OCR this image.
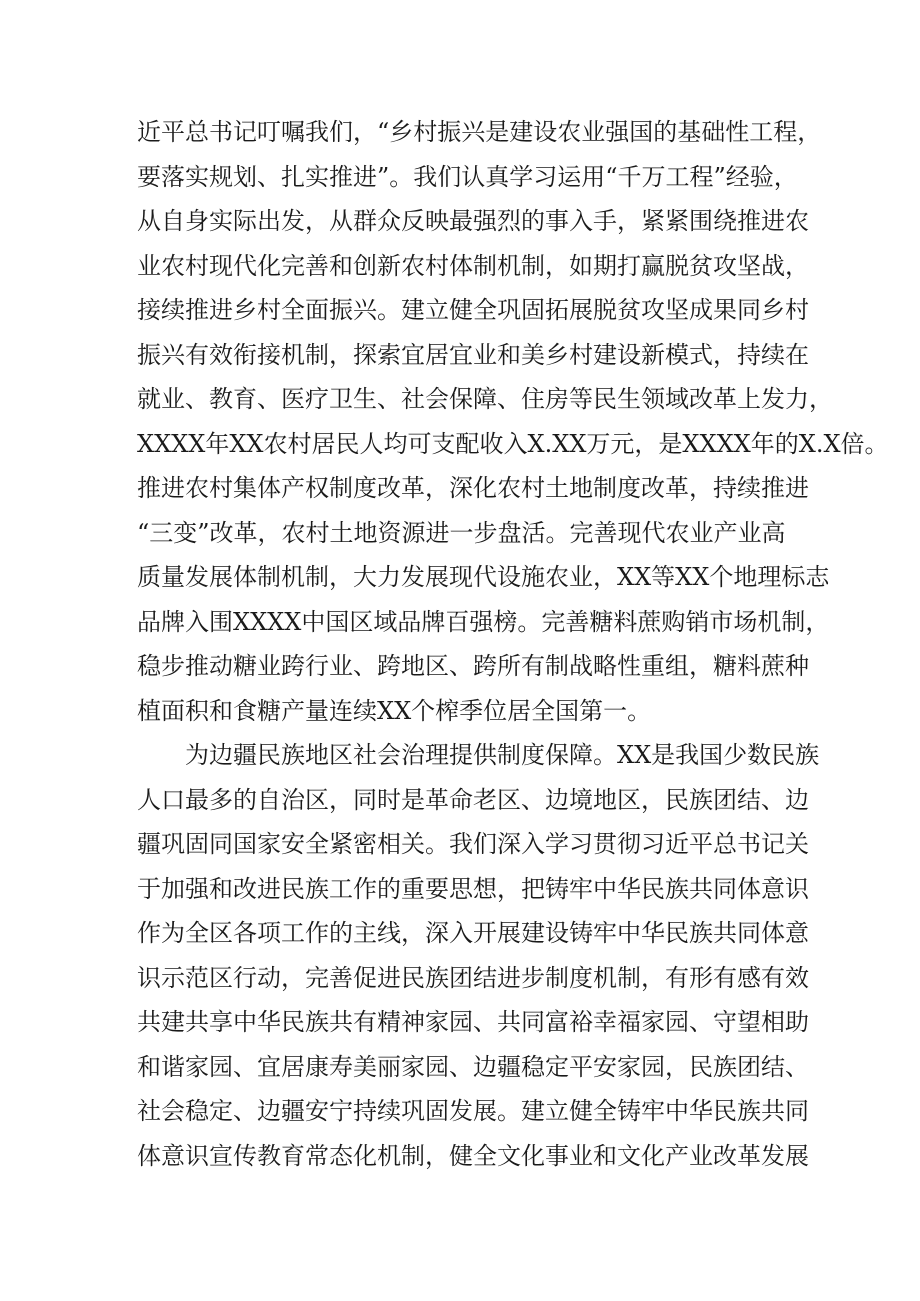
近平总书记叮嘱我们，“乡村振兴是建设农业强国的基础性工程，
要落实规划、扎实推进”。我们认真学习运用“千万工程”经验，
从自身实际出发，从群众反映最强烈的事入手，紧紧围绕推进农
业农村现代化完善和创新农村体制机制，如期打赢脱贫攻坚战，
接续推进乡村全面振兴。建立健全巩固拓展脱贫攻坚成果同乡村
振兴有效衔接机制，探索宜居宜业和美乡村建设新模式，持续在
就业、教育、医疗卫生、社会保障、住房等民生领域改革上发力，
XXXX年XX农村居民人均可支配收入X.XX万元，是XXXX年的X.X倍。
推进农村集体产权制度改革，深化农村土地制度改革，持续推进
“三变”改革，农村土地资源进一步盘活。完善现代农业产业高
质量发展体制机制，大力发展现代设施农业，XX等XX个地理标志
品牌入围XXXX中国区域品牌百强榜。完善糖料蔗购销市场机制，
稳步推动糖业跨行业、跨地区、跨所有制战略性重组，糖料蔗种
植面积和食糖产量连续XX个榨季位居全国第一。
为边疆民族地区社会治理提供制度保障。XX是我国少数民族
人口最多的自治区，同时是革命老区、边境地区，民族团结、边
疆巩固同国家安全紧密相关。我们深入学习贯彻习近平总书记关
于加强和改进民族工作的重要思想，把铸牢中华民族共同体意识
作为全区各项工作的主线，深入开展建设铸牢中华民族共同体意
识示范区行动，完善促进民族团结进步制度机制，有形有感有效
共建共享中华民族共有精神家园、共同富裕幸福家园、守望相助
和谐家园、宜居康寿美丽家园、边疆稳定平安家园，民族团结、
社会稳定、边疆安宁持续巩固发展。建立健全铸牢中华民族共同
体意识宣传教育常态化机制，健全文化事业和文化产业改革发展
